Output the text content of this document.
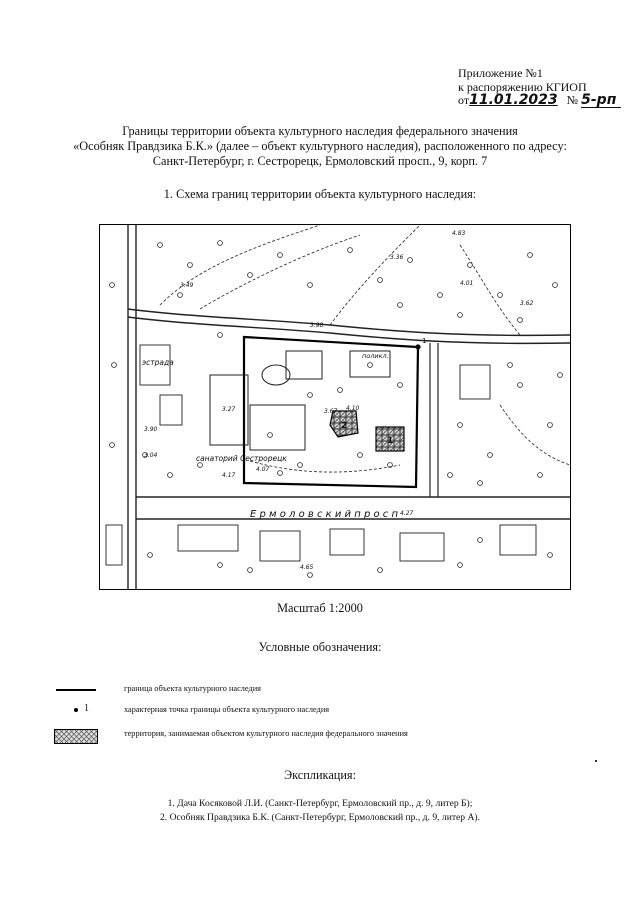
Приложение №1
к распоряжению КГИОП
от11.01.2023 № 5-рп
Границы территории объекта культурного наследия федерального значения
«Особняк Правдзика Б.К.» (далее – объект культурного наследия), расположенного по адресу:
Санкт-Петербург, г. Сестрорецк, Ермоловский просп., 9, корп. 7
1. Схема границ территории объекта культурного наследия:
Е р м о л о в с к и й п р о с п
санаторий Сестрорецк
эстрада
поликл.
1
1
2
4.83
3.49
3.27
3.98
3.67
4.17
4.07
4.27
3.90
3.04
3.36
4.65
4.10
3.62
4.01
Масштаб 1:2000
Условные обозначения:
граница объекта культурного наследия
1	характерная точка границы объекта культурного наследия
территория, занимаемая объектом культурного наследия федерального значения
Экспликация:
1. Дача Косяковой Л.И. (Санкт-Петербург, Ермоловский пр., д. 9, литер Б);
2. Особняк Правдзика Б.К. (Санкт-Петербург, Ермоловский пр., д. 9, литер А).
